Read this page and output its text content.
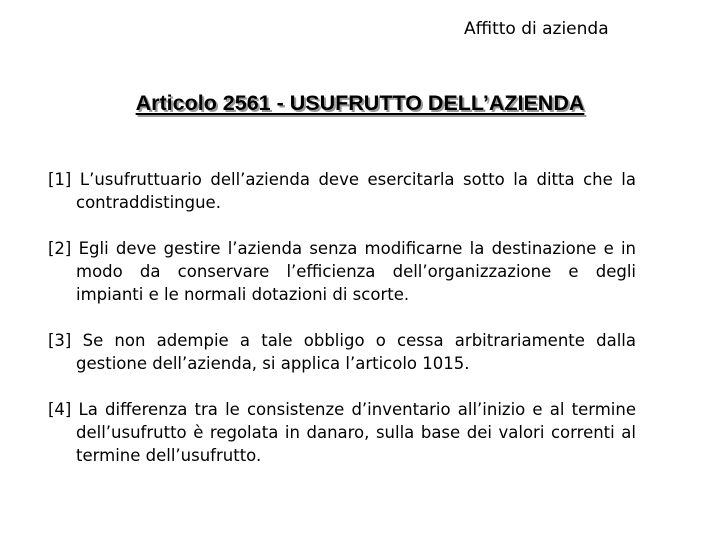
Affitto di azienda
Articolo 2561 - USUFRUTTO DELL’AZIENDA

[1] L’usufruttuario dell’azienda deve esercitarla sotto la ditta che la contraddistingue.

[2] Egli deve gestire l’azienda senza modificarne la destinazione e in modo da conservare l’efficienza dell’organizzazione e degli impianti e le normali dotazioni di scorte.

[3] Se non adempie a tale obbligo o cessa arbitrariamente dalla gestione dell’azienda, si applica l’articolo 1015.

[4] La differenza tra le consistenze d’inventario all’inizio e al termine dell’usufrutto è regolata in danaro, sulla base dei valori correnti al termine dell’usufrutto.
